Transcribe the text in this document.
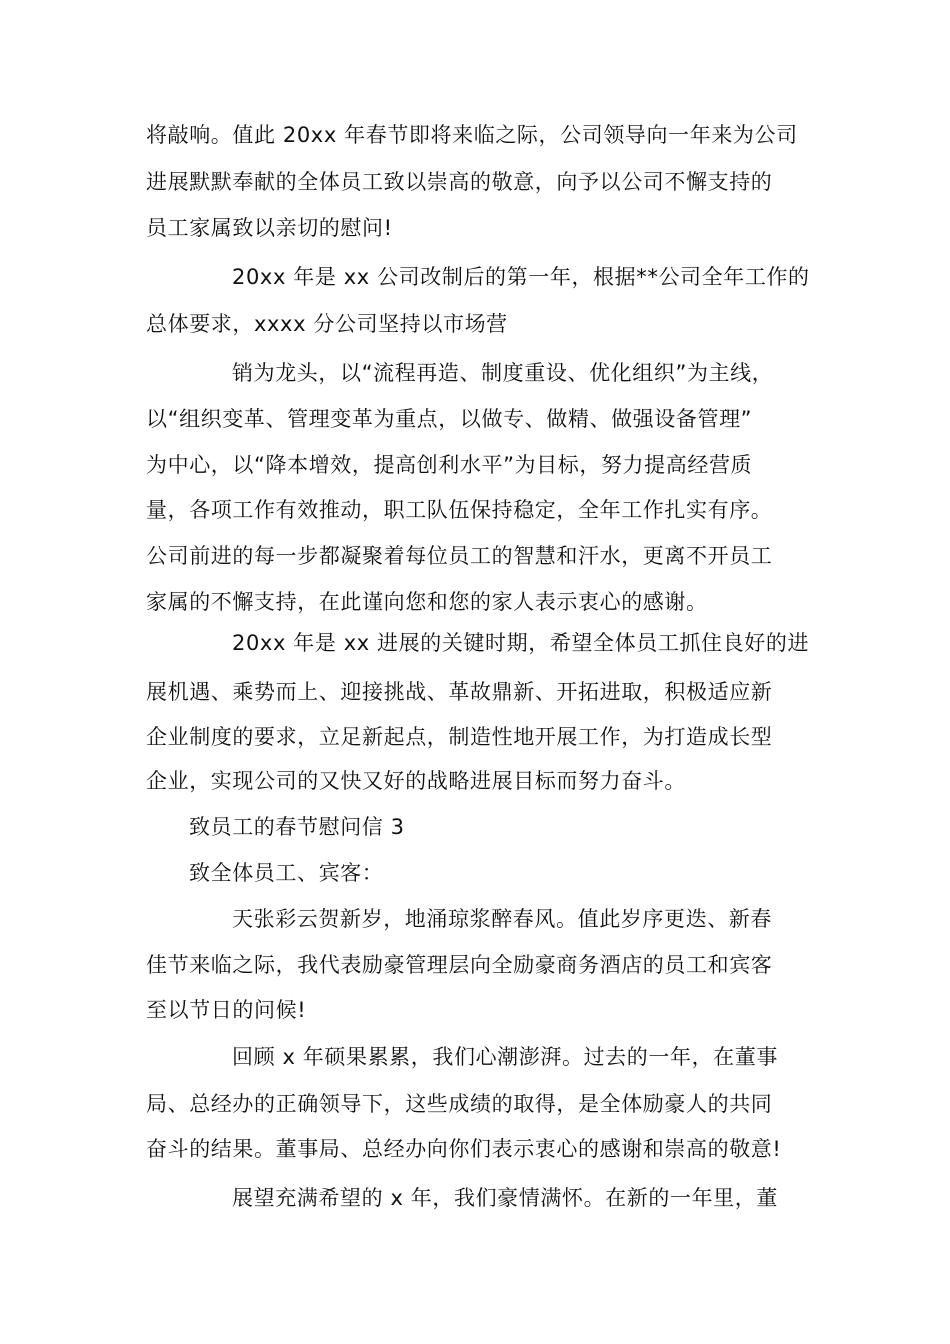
将敲响。值此 20xx 年春节即将来临之际，公司领导向一年来为公司
进展默默奉献的全体员工致以崇高的敬意，向予以公司不懈支持的
员工家属致以亲切的慰问!
20xx 年是 xx 公司改制后的第一年，根据**公司全年工作的
总体要求，xxxx 分公司坚持以市场营
销为龙头，以“流程再造、制度重设、优化组织”为主线，
以“组织变革、管理变革为重点，以做专、做精、做强设备管理”
为中心，以“降本增效，提高创利水平”为目标，努力提高经营质
量，各项工作有效推动，职工队伍保持稳定，全年工作扎实有序。
公司前进的每一步都凝聚着每位员工的智慧和汗水，更离不开员工
家属的不懈支持，在此谨向您和您的家人表示衷心的感谢。
20xx 年是 xx 进展的关键时期，希望全体员工抓住良好的进
展机遇、乘势而上、迎接挑战、革故鼎新、开拓进取，积极适应新
企业制度的要求，立足新起点，制造性地开展工作，为打造成长型
企业，实现公司的又快又好的战略进展目标而努力奋斗。
致员工的春节慰问信 3
致全体员工、宾客：
天张彩云贺新岁，地涌琼浆醉春风。值此岁序更迭、新春
佳节来临之际，我代表励豪管理层向全励豪商务酒店的员工和宾客
至以节日的问候!
回顾 x 年硕果累累，我们心潮澎湃。过去的一年，在董事
局、总经办的正确领导下，这些成绩的取得，是全体励豪人的共同
奋斗的结果。董事局、总经办向你们表示衷心的感谢和崇高的敬意!
展望充满希望的 x 年，我们豪情满怀。在新的一年里，董
